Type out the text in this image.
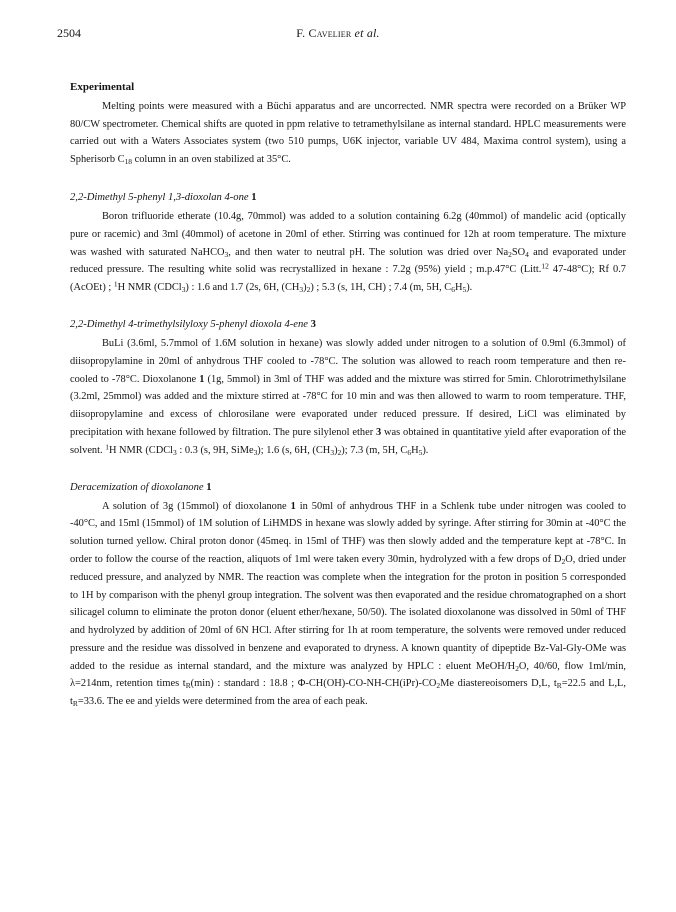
2504	F. Cavelier et al.
Experimental

Melting points were measured with a Büchi apparatus and are uncorrected. NMR spectra were recorded on a Brüker WP 80/CW spectrometer. Chemical shifts are quoted in ppm relative to tetramethylsilane as internal standard. HPLC measurements were carried out with a Waters Associates system (two 510 pumps, U6K injector, variable UV 484, Maxima control system), using a Spherisorb $C_{18}$ column in an oven stabilized at 35°C.

2,2-Dimethyl 5-phenyl 1,3-dioxolan 4-one 1

Boron trifluoride etherate (10.4g, 70mmol) was added to a solution containing 6.2g (40mmol) of mandelic acid (optically pure or racemic) and 3ml (40mmol) of acetone in 20ml of ether. Stirring was continued for 12h at room temperature. The mixture was washed with saturated NaHCO$_3$, and then water to neutral pH. The solution was dried over $Na_2SO_4$ and evaporated under reduced pressure. The resulting white solid was recrystallized in hexane : 7.2g (95%) yield ; m.p.47°C (Litt.$^{12}$ 47-48°C); Rf 0.7 (AcOEt) ; $^1$H NMR (CDCl$_3$) : 1.6 and 1.7 (2s, 6H, $(CH_3)_2$) ; 5.3 (s, 1H, CH) ; 7.4 (m, 5H, $C_6H_5$).

2,2-Dimethyl 4-trimethylsilyloxy 5-phenyl dioxola 4-ene 3

BuLi (3.6ml, 5.7mmol of 1.6M solution in hexane) was slowly added under nitrogen to a solution of 0.9ml (6.3mmol) of diisopropylamine in 20ml of anhydrous THF cooled to -78°C. The solution was allowed to reach room temperature and then re-cooled to -78°C. Dioxolanone 1 (1g, 5mmol) in 3ml of THF was added and the mixture was stirred for 5min. Chlorotrimethylsilane (3.2ml, 25mmol) was added and the mixture stirred at -78°C for 10 min and was then allowed to warm to room temperature. THF, diisopropylamine and excess of chlorosilane were evaporated under reduced pressure. If desired, LiCl was eliminated by precipitation with hexane followed by filtration. The pure silylenol ether 3 was obtained in quantitative yield after evaporation of the solvent. $^1$H NMR (CDCl$_3$ : 0.3 (s, 9H, SiMe$_3$); 1.6 (s, 6H, $(CH_3)_2$); 7.3 (m, 5H, $C_6H_5$).

Deracemization of dioxolanone 1

A solution of 3g (15mmol) of dioxolanone 1 in 50ml of anhydrous THF in a Schlenk tube under nitrogen was cooled to -40°C, and 15ml (15mmol) of 1M solution of LiHMDS in hexane was slowly added by syringe. After stirring for 30min at -40°C the solution turned yellow. Chiral proton donor (45meq. in 15ml of THF) was then slowly added and the temperature kept at -78°C. In order to follow the course of the reaction, aliquots of 1ml were taken every 30min, hydrolyzed with a few drops of $D_2O$, dried under reduced pressure, and analyzed by NMR. The reaction was complete when the integration for the proton in position 5 corresponded to 1H by comparison with the phenyl group integration. The solvent was then evaporated and the residue chromatographed on a short silicagel column to eliminate the proton donor (eluent ether/hexane, 50/50). The isolated dioxolanone was dissolved in 50ml of THF and hydrolyzed by addition of 20ml of 6N HCl. After stirring for 1h at room temperature, the solvents were removed under reduced pressure and the residue was dissolved in benzene and evaporated to dryness. A known quantity of dipeptide Bz-Val-Gly-OMe was added to the residue as internal standard, and the mixture was analyzed by HPLC : eluent MeOH/$H_2O$, 40/60, flow 1ml/min, λ=214nm, retention times $t_R(\min)$ : standard : 18.8 ; $\Phi-CH(OH)-CO-NH-CH(iPr)-CO_2Me$ diastereoisomers D,L, $t_R=22.5$ and L,L, $t_R=33.6$. The ee and yields were determined from the area of each peak.
